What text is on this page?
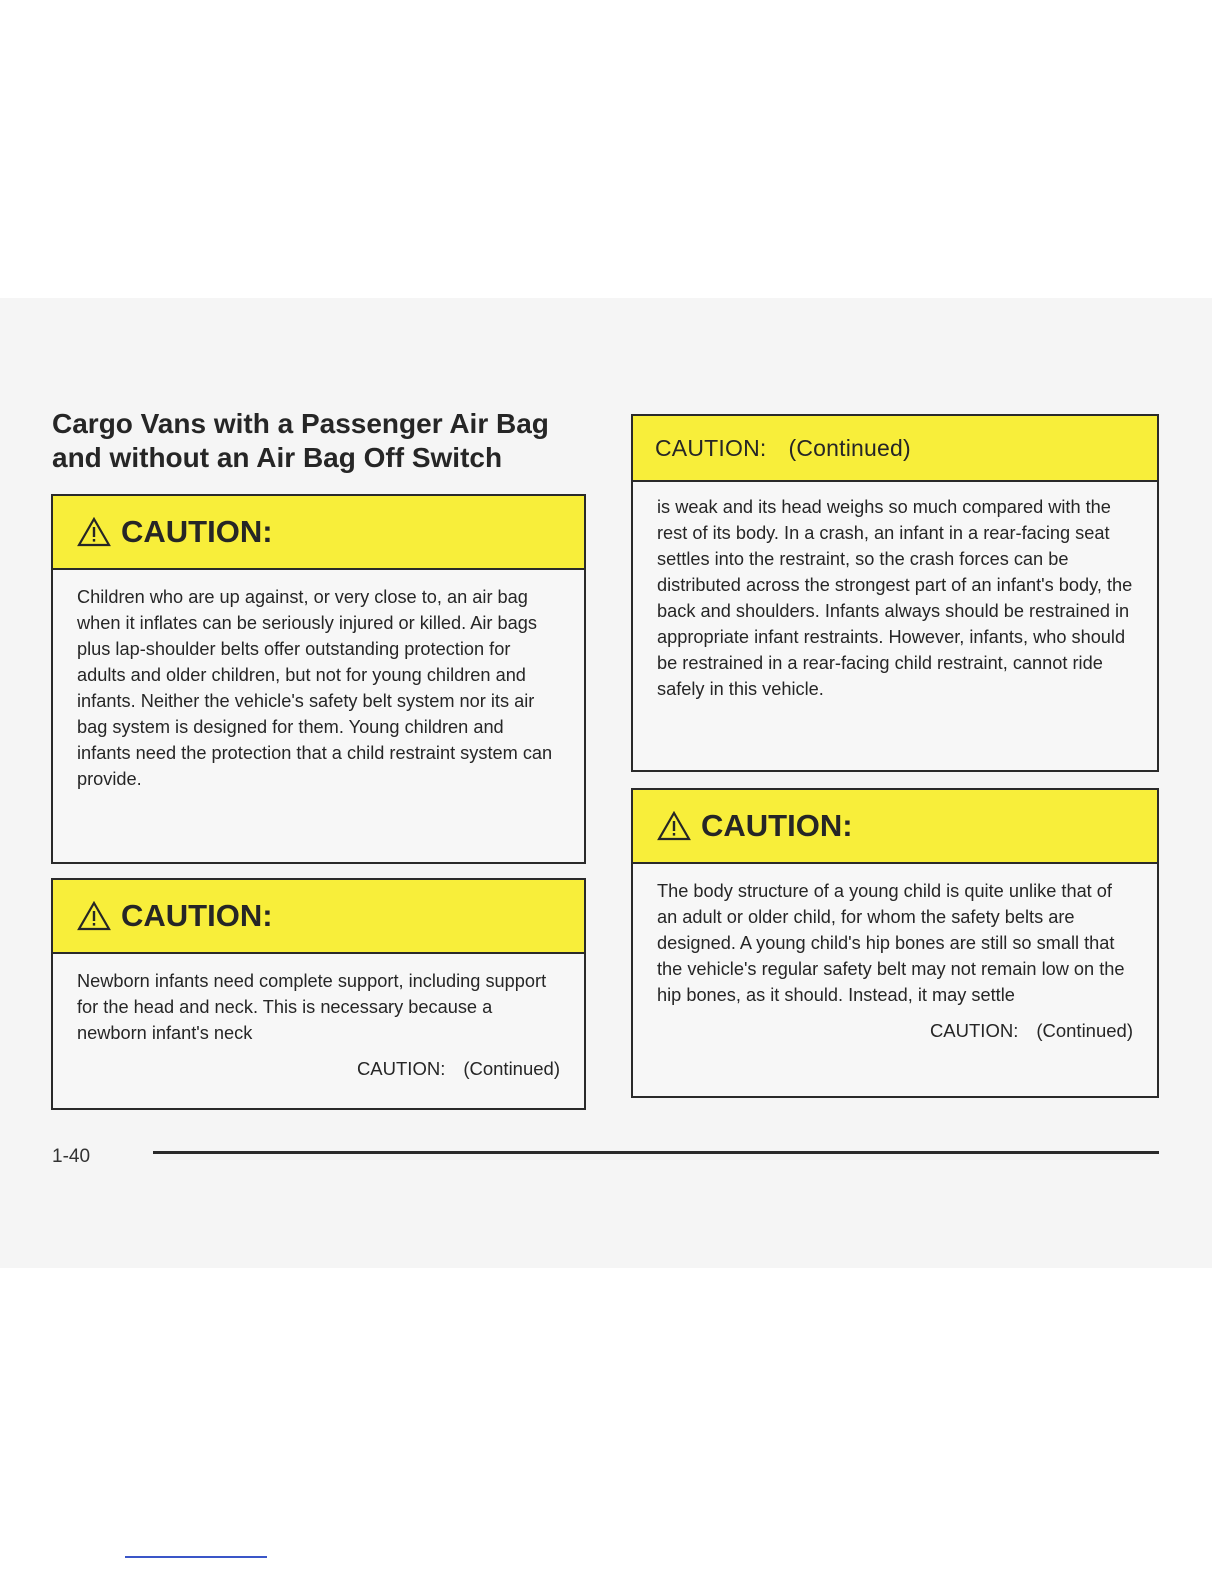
Cargo Vans with a Passenger Air Bag
and without an Air Bag Off Switch
CAUTION:

Children who are up against, or very close to, an air bag when it inflates can be seriously injured or killed. Air bags plus lap-shoulder belts offer outstanding protection for adults and older children, but not for young children and infants. Neither the vehicle's safety belt system nor its air bag system is designed for them. Young children and infants need the protection that a child restraint system can provide.

CAUTION:

Newborn infants need complete support, including support for the head and neck. This is necessary because a newborn infant's neck

CAUTION: (Continued)
CAUTION: (Continued)

is weak and its head weighs so much compared with the rest of its body. In a crash, an infant in a rear-facing seat settles into the restraint, so the crash forces can be distributed across the strongest part of an infant's body, the back and shoulders. Infants always should be restrained in appropriate infant restraints. However, infants, who should be restrained in a rear-facing child restraint, cannot ride safely in this vehicle.

CAUTION:

The body structure of a young child is quite unlike that of an adult or older child, for whom the safety belts are designed. A young child's hip bones are still so small that the vehicle's regular safety belt may not remain low on the hip bones, as it should. Instead, it may settle

CAUTION: (Continued)
1-40
